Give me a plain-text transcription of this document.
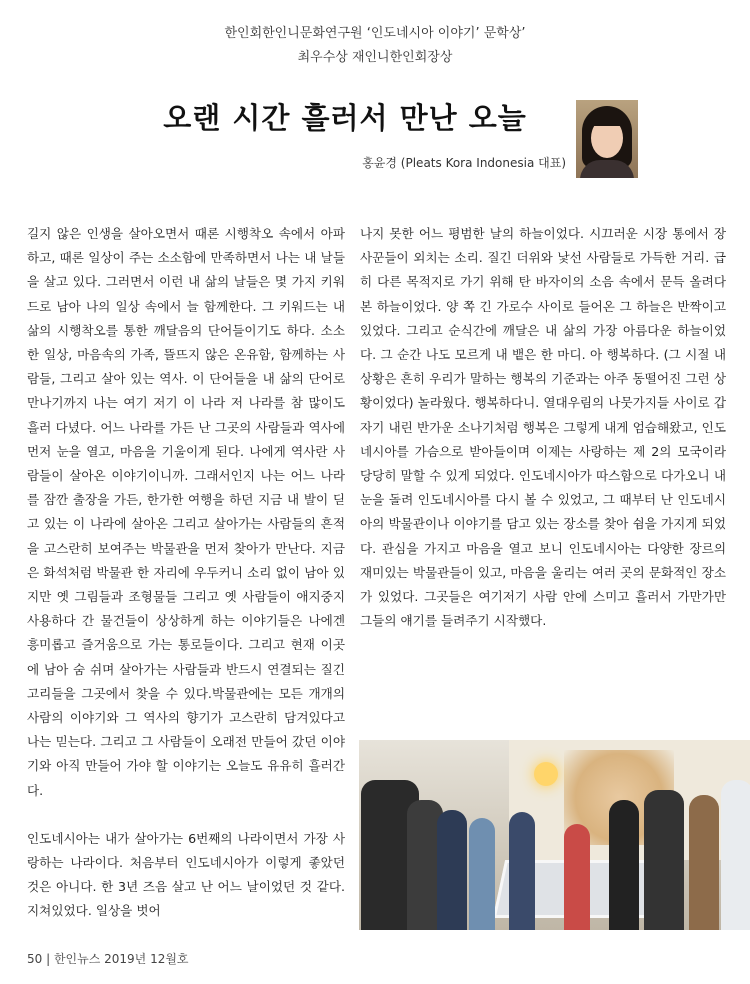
한인회한인니문화연구원 ‘인도네시아 이야기’ 문학상’
최우수상 재인니한인회장상
오랜 시간 흘러서 만난 오늘
홍윤경 (Pleats Kora Indonesia 대표)

길지 않은 인생을 살아오면서 때론 시행착오 속에서 아파하고, 때론 일상이 주는 소소함에 만족하면서 나는 내 날들을 살고 있다. 그러면서 이런 내 삶의 날들은 몇 가지 키워드로 남아 나의 일상 속에서 늘 함께한다. 그 키워드는 내 삶의 시행착오를 통한 깨달음의 단어들이기도 하다. 소소한 일상, 마음속의 가족, 뜰뜨지 않은 온유함, 함께하는 사람들, 그리고 살아 있는 역사. 이 단어들을 내 삶의 단어로 만나기까지 나는 여기 저기 이 나라 저 나라를 참 많이도 흘러 다녔다. 어느 나라를 가든 난 그곳의 사람들과 역사에 먼저 눈을 열고, 마음을 기울이게 된다. 나에게 역사란 사람들이 살아온 이야기이니까. 그래서인지 나는 어느 나라를 잠깐 출장을 가든, 한가한 여행을 하던 지금 내 발이 딛고 있는 이 나라에 살아온 그리고 살아가는 사람들의 흔적을 고스란히 보여주는 박물관을 먼저 찾아가 만난다. 지금은 화석처럼 박물관 한 자리에 우두커니 소리 없이 남아 있지만 옛 그림들과 조형물들 그리고 옛 사람들이 애지중지 사용하다 간 물건들이 상상하게 하는 이야기들은 나에겐 흥미롭고 즐거움으로 가는 통로들이다. 그리고 현재 이곳에 남아 숨 쉬며 살아가는 사람들과 반드시 연결되는 질긴 고리들을 그곳에서 찾을 수 있다.박물관에는 모든 개개의 사람의 이야기와 그 역사의 향기가 고스란히 담겨있다고 나는 믿는다. 그리고 그 사람들이 오래전 만들어 갔던 이야기와 아직 만들어 가야 할 이야기는 오늘도 유유히 흘러간다.

인도네시아는 내가 살아가는 6번째의 나라이면서 가장 사랑하는 나라이다. 처음부터 인도네시아가 이렇게 좋았던 것은 아니다. 한 3년 즈음 살고 난 어느 날이었던 것 같다. 지쳐있었다. 일상을 벗어

나지 못한 어느 평범한 날의 하늘이었다. 시끄러운 시장 통에서 장사꾼들이 외치는 소리. 질긴 더위와 낯선 사람들로 가득한 거리. 급히 다른 목적지로 가기 위해 탄 바자이의 소음 속에서 문득 올려다본 하늘이었다. 양 쪽 긴 가로수 사이로 들어온 그 하늘은 반짝이고 있었다. 그리고 순식간에 깨달은 내 삶의 가장 아름다운 하늘이었다. 그 순간 나도 모르게 내 뱉은 한 마디. 아 행복하다. (그 시절 내 상황은 흔히 우리가 말하는 행복의 기준과는 아주 동떨어진 그런 상황이었다) 놀라웠다. 행복하다니. 열대우림의 나뭇가지들 사이로 갑자기 내린 반가운 소나기처럼 행복은 그렇게 내게 엄습해왔고, 인도네시아를 가슴으로 받아들이며 이제는 사랑하는 제 2의 모국이라 당당히 말할 수 있게 되었다. 인도네시아가 따스함으로 다가오니 내 눈을 돌려 인도네시아를 다시 볼 수 있었고, 그 때부터 난 인도네시아의 박물관이나 이야기를 담고 있는 장소를 찾아 쉼을 가지게 되었다. 관심을 가지고 마음을 열고 보니 인도네시아는 다양한 장르의 재미있는 박물관들이 있고, 마음을 울리는 여러 곳의 문화적인 장소가 있었다. 그곳들은 여기저기 사람 안에 스미고 흘러서 가만가만 그들의 얘기를 들려주기 시작했다.

50 | 한인뉴스 2019년 12월호
